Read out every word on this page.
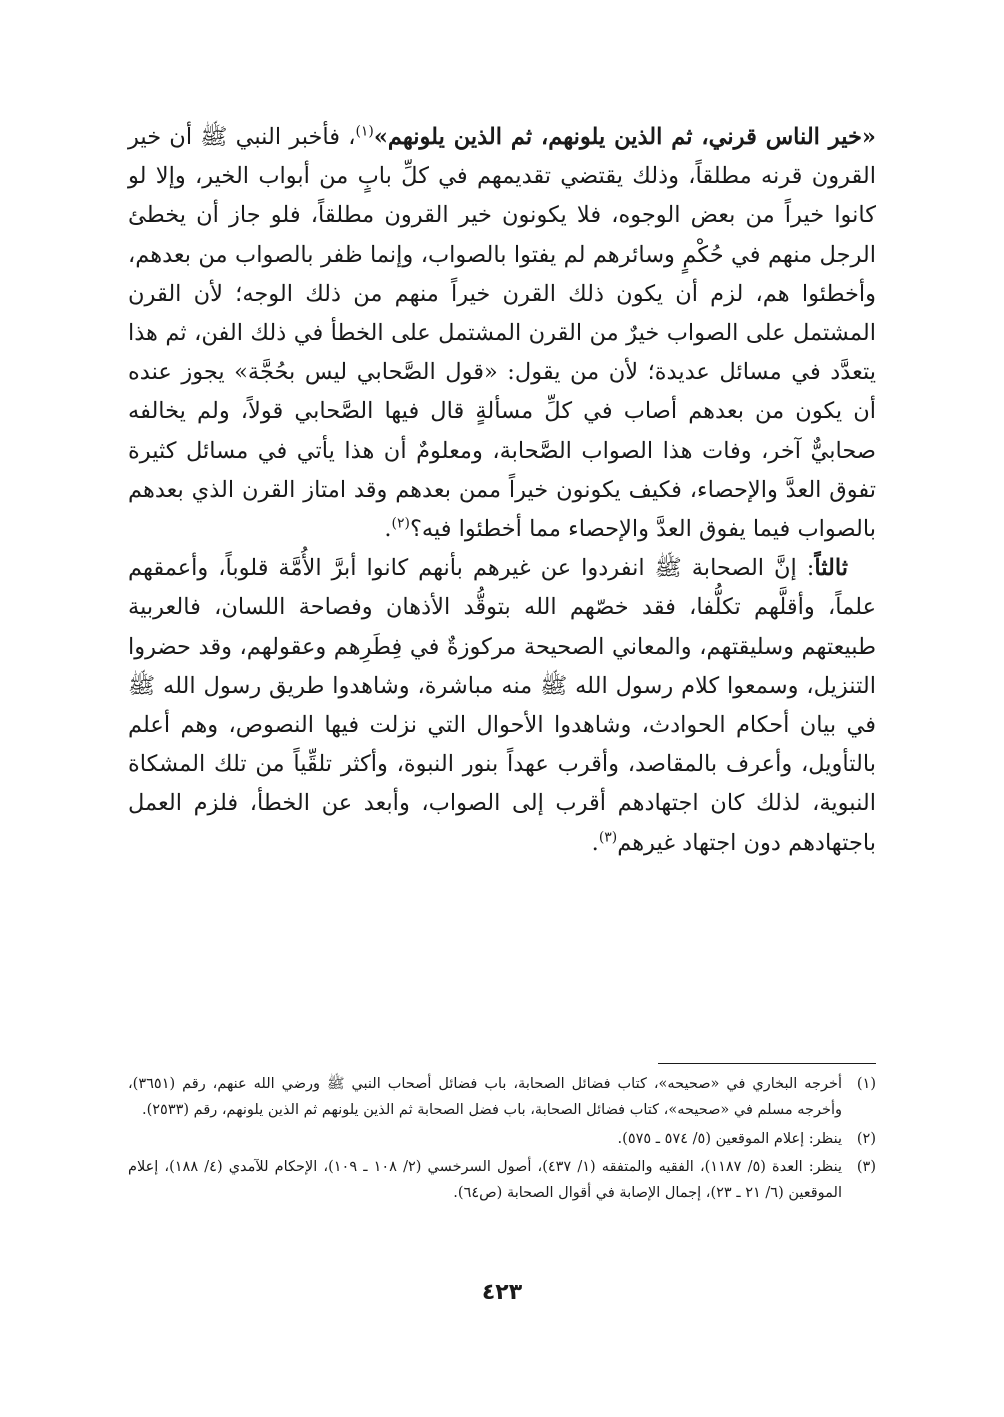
«خير الناس قرني، ثم الذين يلونهم، ثم الذين يلونهم»$^{(١)}$، فأخبر النبي ﷺ أن خير القرون قرنه مطلقاً، وذلك يقتضي تقديمهم في كلِّ بابٍ من أبواب الخير، وإلا لو كانوا خيراً من بعض الوجوه، فلا يكونون خير القرون مطلقاً، فلو جاز أن يخطئ الرجل منهم في حُكْمٍ وسائرهم لم يفتوا بالصواب، وإنما ظفر بالصواب من بعدهم، وأخطئوا هم، لزم أن يكون ذلك القرن خيراً منهم من ذلك الوجه؛ لأن القرن المشتمل على الصواب خيرٌ من القرن المشتمل على الخطأ في ذلك الفن، ثم هذا يتعدَّد في مسائل عديدة؛ لأن من يقول: «قول الصَّحابي ليس بحُجَّة» يجوز عنده أن يكون من بعدهم أصاب في كلِّ مسألةٍ قال فيها الصَّحابي قولاً، ولم يخالفه صحابيٌّ آخر، وفات هذا الصواب الصَّحابة، ومعلومٌ أن هذا يأتي في مسائل كثيرة تفوق العدَّ والإحصاء، فكيف يكونون خيراً ممن بعدهم وقد امتاز القرن الذي بعدهم بالصواب فيما يفوق العدَّ والإحصاء مما أخطئوا فيه؟$^{(٢)}$.

ثالثاً: إنَّ الصحابة ﷺ انفردوا عن غيرهم بأنهم كانوا أبرَّ الأُمَّة قلوباً، وأعمقهم علماً، وأقلَّهم تكلُّفا، فقد خصّهم الله بتوقُّد الأذهان وفصاحة اللسان، فالعربية طبيعتهم وسليقتهم، والمعاني الصحيحة مركوزةٌ في فِطَرِهم وعقولهم، وقد حضروا التنزيل، وسمعوا كلام رسول الله ﷺ منه مباشرة، وشاهدوا طريق رسول الله ﷺ في بيان أحكام الحوادث، وشاهدوا الأحوال التي نزلت فيها النصوص، وهم أعلم بالتأويل، وأعرف بالمقاصد، وأقرب عهداً بنور النبوة، وأكثر تلقِّياً من تلك المشكاة النبوية، لذلك كان اجتهادهم أقرب إلى الصواب، وأبعد عن الخطأ، فلزم العمل باجتهادهم دون اجتهاد غيرهم$^{(٣)}$.

(١)
أخرجه البخاري في «صحيحه»، كتاب فضائل الصحابة، باب فضائل أصحاب النبي ﷺ ورضي الله عنهم، رقم (٣٦٥١)، وأخرجه مسلم في «صحيحه»، كتاب فضائل الصحابة، باب فضل الصحابة ثم الذين يلونهم ثم الذين يلونهم، رقم (٢٥٣٣).
(٢)
ينظر: إعلام الموقعين (٥/ ٥٧٤ ـ ٥٧٥).
(٣)
ينظر: العدة (٥/ ١١٨٧)، الفقيه والمتفقه (١/ ٤٣٧)، أصول السرخسي (٢/ ١٠٨ ـ ١٠٩)، الإحكام للآمدي (٤/ ١٨٨)، إعلام الموقعين (٦/ ٢١ ـ ٢٣)، إجمال الإصابة في أقوال الصحابة (ص٦٤).
٤٢٣
